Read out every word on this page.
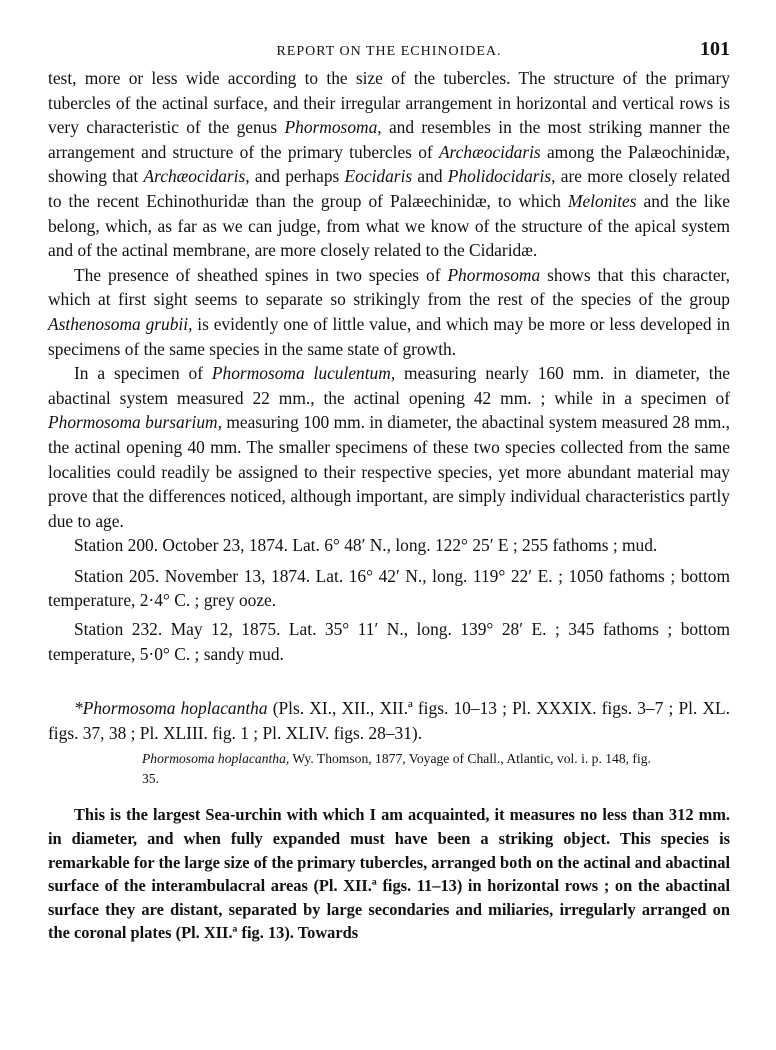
REPORT ON THE ECHINOIDEA.	101

test, more or less wide according to the size of the tubercles. The structure of the primary tubercles of the actinal surface, and their irregular arrangement in horizontal and vertical rows is very characteristic of the genus Phormosoma, and resembles in the most striking manner the arrangement and structure of the primary tubercles of Archæocidaris among the Palæochinidæ, showing that Archæocidaris, and perhaps Eocidaris and Pholidocidaris, are more closely related to the recent Echinothuridæ than the group of Palæechinidæ, to which Melonites and the like belong, which, as far as we can judge, from what we know of the structure of the apical system and of the actinal membrane, are more closely related to the Cidaridæ.

The presence of sheathed spines in two species of Phormosoma shows that this character, which at first sight seems to separate so strikingly from the rest of the species of the group Asthenosoma grubii, is evidently one of little value, and which may be more or less developed in specimens of the same species in the same state of growth.

In a specimen of Phormosoma luculentum, measuring nearly 160 mm. in diameter, the abactinal system measured 22 mm., the actinal opening 42 mm. ; while in a specimen of Phormosoma bursarium, measuring 100 mm. in diameter, the abactinal system measured 28 mm., the actinal opening 40 mm. The smaller specimens of these two species collected from the same localities could readily be assigned to their respective species, yet more abundant material may prove that the differences noticed, although important, are simply individual characteristics partly due to age.

Station 200. October 23, 1874. Lat. 6° 48′ N., long. 122° 25′ E ; 255 fathoms ; mud.

Station 205. November 13, 1874. Lat. 16° 42′ N., long. 119° 22′ E. ; 1050 fathoms ; bottom temperature, 2·4° C. ; grey ooze.

Station 232. May 12, 1875. Lat. 35° 11′ N., long. 139° 28′ E. ; 345 fathoms ; bottom temperature, 5·0° C. ; sandy mud.

*Phormosoma hoplacantha (Pls. XI., XII., XII.ª figs. 10–13 ; Pl. XXXIX. figs. 3–7 ; Pl. XL. figs. 37, 38 ; Pl. XLIII. fig. 1 ; Pl. XLIV. figs. 28–31).

Phormosoma hoplacantha, Wy. Thomson, 1877, Voyage of Chall., Atlantic, vol. i. p. 148, fig. 35.

This is the largest Sea-urchin with which I am acquainted, it measures no less than 312 mm. in diameter, and when fully expanded must have been a striking object. This species is remarkable for the large size of the primary tubercles, arranged both on the actinal and abactinal surface of the interambulacral areas (Pl. XII.ª figs. 11–13) in horizontal rows ; on the abactinal surface they are distant, separated by large secondaries and miliaries, irregularly arranged on the coronal plates (Pl. XII.ª fig. 13). Towards
